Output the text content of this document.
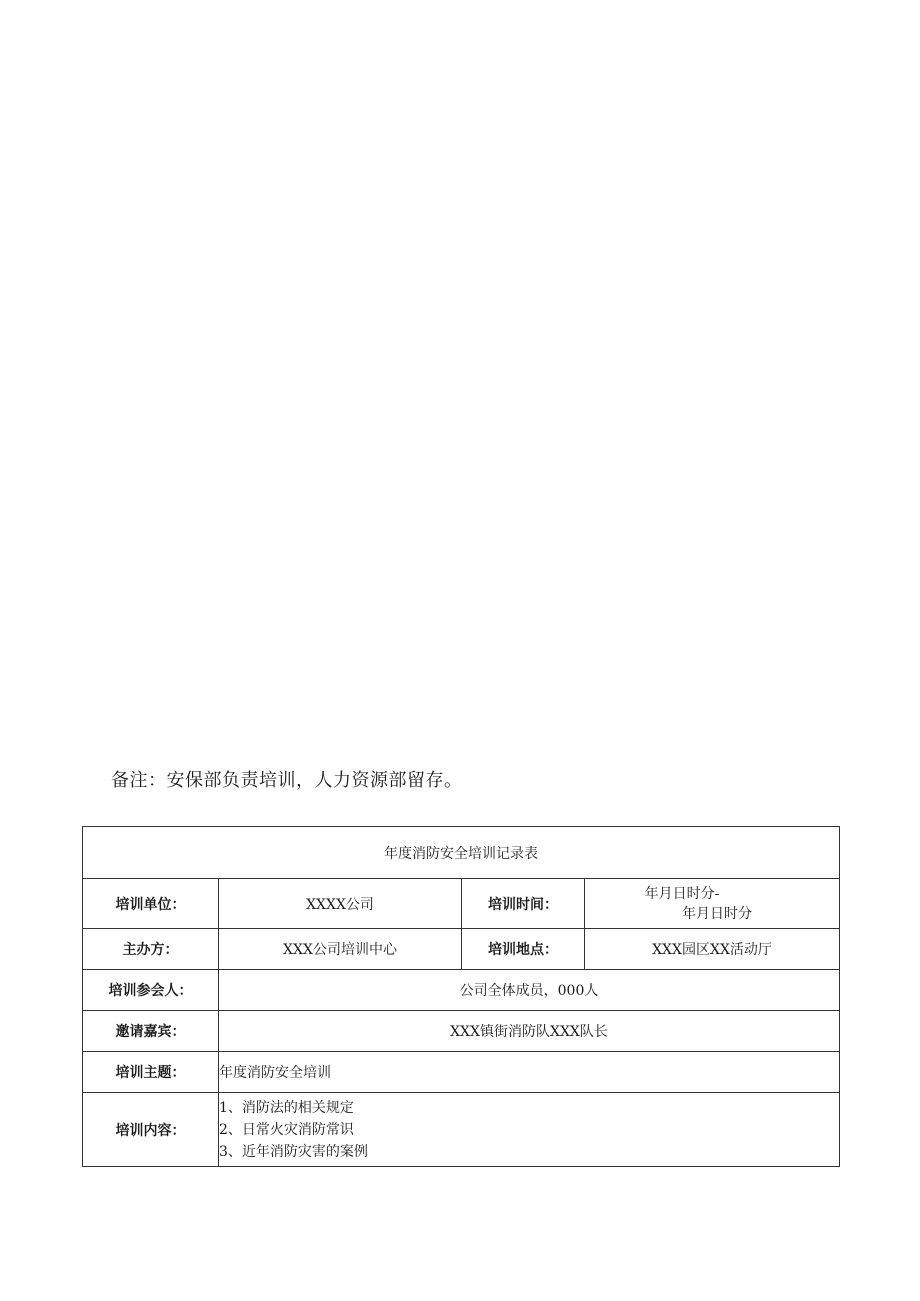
备注：安保部负责培训，人力资源部留存。
年度消防安全培训记录表			
培训单位：	XXXX公司	培训时间：	年月日时分-
年月日时分

主办方：	XXX公司培训中心	培训地点：	XXX园区XX活动厅
培训参会人：	公司全体成员，000人		
邀请嘉宾：	XXX镇街消防队XXX队长		
培训主题：	年度消防安全培训		
培训内容：	1、消防法的相关规定
2、日常火灾消防常识
3、近年消防灾害的案例		
